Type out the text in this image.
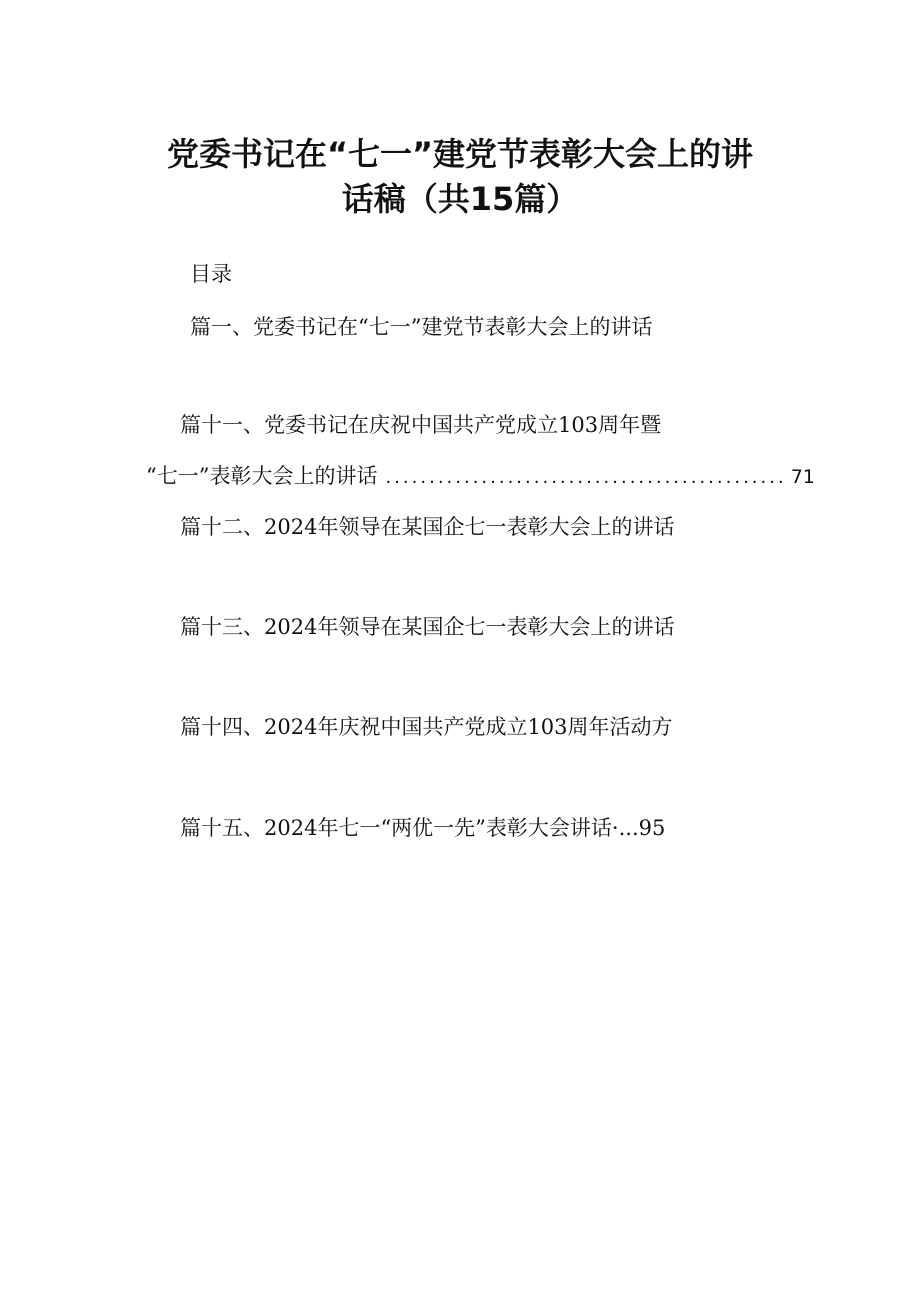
党委书记在“七一”建党节表彰大会上的讲
话稿（共15篇）
目录
篇一、党委书记在“七一”建党节表彰大会上的讲话
篇十一、党委书记在庆祝中国共产党成立103周年暨
“七一”表彰大会上的讲话 .............................................. 71
篇十二、2024年领导在某国企七一表彰大会上的讲话
篇十三、2024年领导在某国企七一表彰大会上的讲话
篇十四、2024年庆祝中国共产党成立103周年活动方
篇十五、2024年七一“两优一先”表彰大会讲话·...95
